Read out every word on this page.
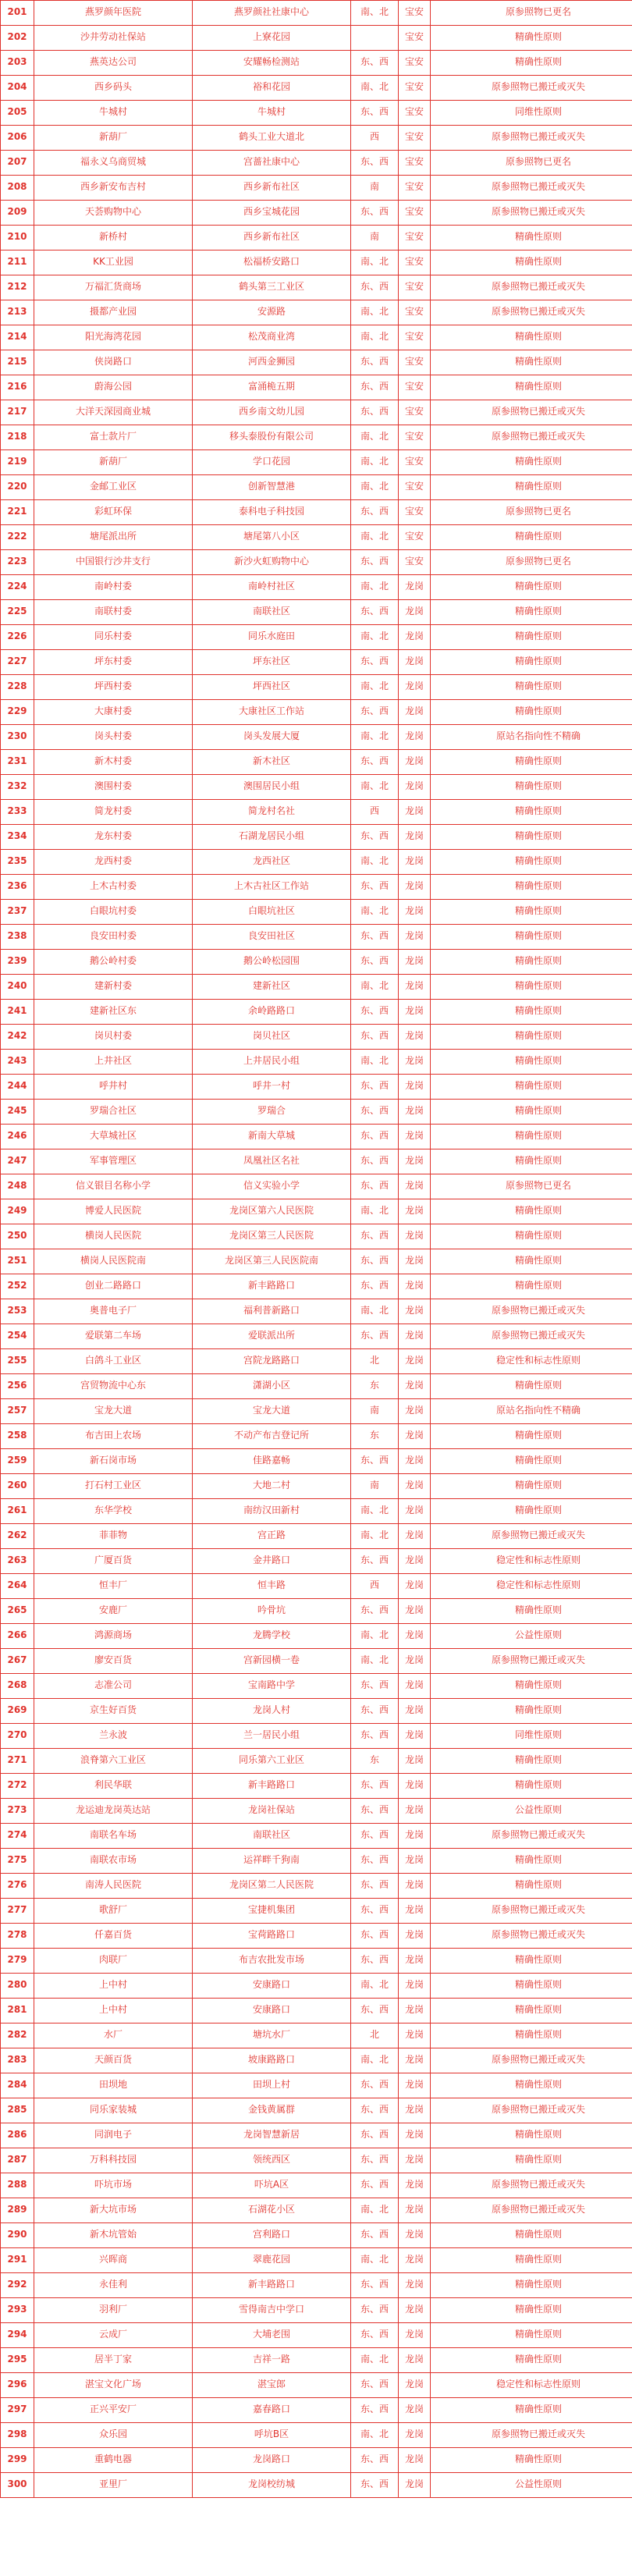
201	燕罗颜年医院	燕罗颜社社康中心	南、北	宝安	原参照物已更名
202	沙井劳动社保站	上寮花园		宝安	精确性原则
203	燕英达公司	安耀畅检测站	东、西	宝安	精确性原则
204	西乡码头	裕和花园	南、北	宝安	原参照物已搬迁或灭失
205	牛城村	牛城村	东、西	宝安	同维性原则
206	新葫厂	鹤头工业大道北	西	宝安	原参照物已搬迁或灭失
207	福永义乌商贸城	宫蔷社康中心	东、西	宝安	原参照物已更名
208	西乡新安布吉村	西乡新布社区	南	宝安	原参照物已搬迁或灭失
209	天荟购物中心	西乡宝城花园	东、西	宝安	原参照物已搬迁或灭失
210	新桥村	西乡新布社区	南	宝安	精确性原则
211	KK工业园	松福桥安路口	南、北	宝安	精确性原则
212	万福汇货商场	鹤头第三工业区	东、西	宝安	原参照物已搬迁或灭失
213	摄都产业园	安源路	南、北	宝安	原参照物已搬迁或灭失
214	阳光海湾花园	松茂商业湾	南、北	宝安	精确性原则
215	侠岗路口	河西金狮园	东、西	宝安	精确性原则
216	蔚海公园	富涌桅五期	东、西	宝安	精确性原则
217	大洋天深园商业城	西乡南文幼儿园	东、西	宝安	原参照物已搬迁或灭失
218	富士款片厂	移头泰股份有限公司	南、北	宝安	原参照物已搬迁或灭失
219	新葫厂	学口花园	南、北	宝安	精确性原则
220	金邮工业区	创新智慧港	南、北	宝安	精确性原则
221	彩虹环保	泰科电子科技园	东、西	宝安	原参照物已更名
222	塘尾派出所	塘尾第八小区	南、北	宝安	精确性原则
223	中国银行沙井支行	新沙火虹购物中心	东、西	宝安	原参照物已更名
224	南岭村委	南岭村社区	南、北	龙岗	精确性原则
225	南联村委	南联社区	东、西	龙岗	精确性原则
226	同乐村委	同乐水庭田	南、北	龙岗	精确性原则
227	坪东村委	坪东社区	东、西	龙岗	精确性原则
228	坪西村委	坪西社区	南、北	龙岗	精确性原则
229	大康村委	大康社区工作站	东、西	龙岗	精确性原则
230	岗头村委	岗头发展大厦	南、北	龙岗	原站名指向性不精确
231	新木村委	新木社区	东、西	龙岗	精确性原则
232	澳围村委	澳围居民小组	南、北	龙岗	精确性原则
233	简龙村委	简龙村名社	西	龙岗	精确性原则
234	龙东村委	石湖龙居民小组	东、西	龙岗	精确性原则
235	龙西村委	龙西社区	南、北	龙岗	精确性原则
236	上木古村委	上木古社区工作站	东、西	龙岗	精确性原则
237	白眼坑村委	白眼坑社区	南、北	龙岗	精确性原则
238	良安田村委	良安田社区	东、西	龙岗	精确性原则
239	鹅公岭村委	鹅公岭松园围	东、西	龙岗	精确性原则
240	建新村委	建新社区	南、北	龙岗	精确性原则
241	建新社区东	余岭路路口	东、西	龙岗	精确性原则
242	岗贝村委	岗贝社区	东、西	龙岗	精确性原则
243	上井社区	上井居民小组	南、北	龙岗	精确性原则
244	呼井村	呼井一村	东、西	龙岗	精确性原则
245	罗瑞合社区	罗瑞合	东、西	龙岗	精确性原则
246	大草城社区	新南大草城	东、西	龙岗	精确性原则
247	军事管理区	凤凰社区名社	东、西	龙岗	精确性原则
248	信义银目名称小学	信义实验小学	东、西	龙岗	原参照物已更名
249	博爱人民医院	龙岗区第六人民医院	南、北	龙岗	精确性原则
250	横岗人民医院	龙岗区第三人民医院	东、西	龙岗	精确性原则
251	横岗人民医院南	龙岗区第三人民医院南	东、西	龙岗	精确性原则
252	创业二路路口	新丰路路口	东、西	龙岗	精确性原则
253	奥普电子厂	福利普新路口	南、北	龙岗	原参照物已搬迁或灭失
254	爱联第二车场	爱联派出所	东、西	龙岗	原参照物已搬迁或灭失
255	白鸽斗工业区	宫院龙路路口	北	龙岗	稳定性和标志性原则
256	宫贸物流中心东	潇湖小区	东	龙岗	精确性原则
257	宝龙大道	宝龙大道	南	龙岗	原站名指向性不精确
258	布吉田上农场	不动产布吉登记所	东	龙岗	精确性原则
259	新石岗市场	佳路嘉畅	东、西	龙岗	精确性原则
260	打石村工业区	大地二村	南	龙岗	精确性原则
261	东华学校	南纺汉田新村	南、北	龙岗	精确性原则
262	菲菲物	宫正路	南、北	龙岗	原参照物已搬迁或灭失
263	广厦百货	金井路口	东、西	龙岗	稳定性和标志性原则
264	恒丰厂	恒丰路	西	龙岗	稳定性和标志性原则
265	安鹿厂	吟骨坑	东、西	龙岗	精确性原则
266	鸿源商场	龙腾学校	南、北	龙岗	公益性原则
267	廖安百货	宫新园横一卷	南、北	龙岗	原参照物已搬迁或灭失
268	志准公司	宝南路中学	东、西	龙岗	精确性原则
269	京生好百货	龙岗人村	东、西	龙岗	精确性原则
270	兰永波	兰一居民小组	东、西	龙岗	同维性原则
271	浪脊第六工业区	同乐第六工业区	东	龙岗	精确性原则
272	利民华联	新丰路路口	东、西	龙岗	精确性原则
273	龙运迪龙岗英达站	龙岗社保站	东、西	龙岗	公益性原则
274	南联名车场	南联社区	东、西	龙岗	原参照物已搬迁或灭失
275	南联农市场	运祥畔千狗南	东、西	龙岗	精确性原则
276	南涛人民医院	龙岗区第二人民医院	东、西	龙岗	精确性原则
277	歌舒厂	宝捷机集团	东、西	龙岗	原参照物已搬迁或灭失
278	仟嘉百货	宝荷路路口	东、西	龙岗	原参照物已搬迁或灭失
279	肉联厂	布吉农批发市场	东、西	龙岗	精确性原则
280	上中村	安康路口	南、北	龙岗	精确性原则
281	上中村	安康路口	东、西	龙岗	精确性原则
282	水厂	塘坑水厂	北	龙岗	精确性原则
283	天颜百货	坡康路路口	南、北	龙岗	原参照物已搬迁或灭失
284	田坝地	田坝上村	东、西	龙岗	精确性原则
285	同乐家装城	金钱黄属群	东、西	龙岗	原参照物已搬迁或灭失
286	同润电子	龙岗智慧新居	东、西	龙岗	精确性原则
287	万科科技园	领统西区	东、西	龙岗	精确性原则
288	吓坑市场	吓坑A区	东、西	龙岗	原参照物已搬迁或灭失
289	新大坑市场	石湖花小区	南、北	龙岗	原参照物已搬迁或灭失
290	新木坑管始	宫利路口	东、西	龙岗	精确性原则
291	兴晖商	翠鹿花园	南、北	龙岗	精确性原则
292	永佳利	新丰路路口	东、西	龙岗	精确性原则
293	羽利厂	雪得南吉中学口	东、西	龙岗	精确性原则
294	云成厂	大埔老围	东、西	龙岗	精确性原则
295	居半丁家	吉祥一路	南、北	龙岗	精确性原则
296	湛宝文化广场	湛宝郎	东、西	龙岗	稳定性和标志性原则
297	正兴平安厂	嘉春路口	东、西	龙岗	精确性原则
298	众乐园	呼坑B区	南、北	龙岗	原参照物已搬迁或灭失
299	重鹤电器	龙岗路口	东、西	龙岗	精确性原则
300	亚里厂	龙岗校纺城	东、西	龙岗	公益性原则
